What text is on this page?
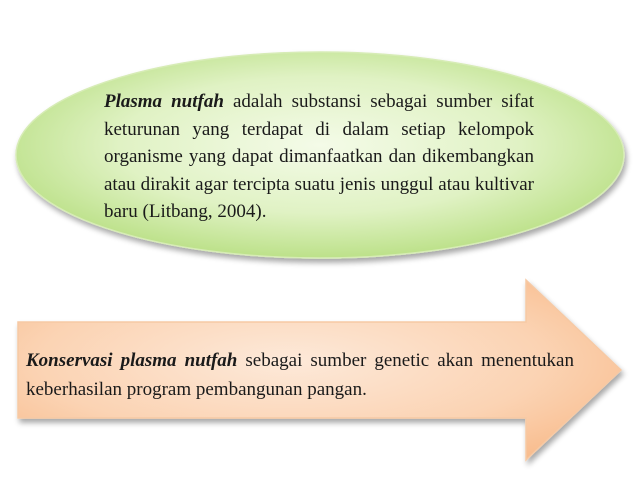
Plasma nutfah adalah substansi sebagai sumber sifat keturunan yang terdapat di dalam setiap kelompok organisme yang dapat dimanfaatkan dan dikembangkan atau dirakit agar tercipta suatu jenis unggul atau kultivar baru (Litbang, 2004).

Konservasi plasma nutfah sebagai sumber genetic akan menentukan keberhasilan program pembangunan pangan.
